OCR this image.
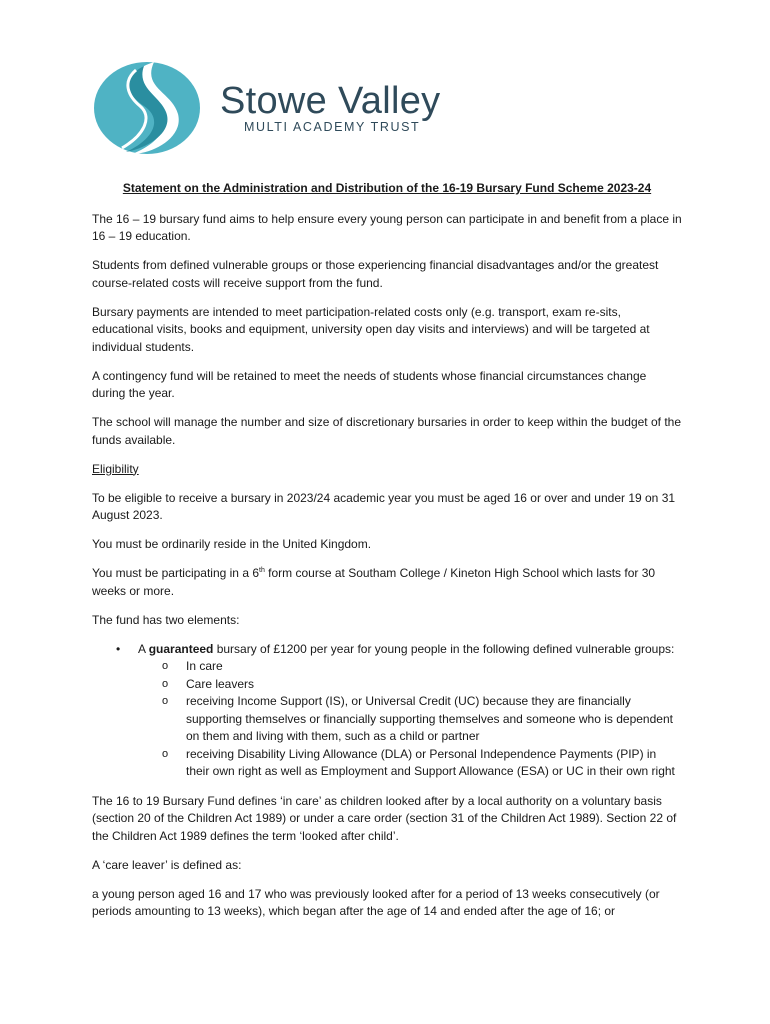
Stowe Valley
MULTI ACADEMY TRUST
Statement on the Administration and Distribution of the 16-19 Bursary Fund Scheme 2023-24

The 16 – 19 bursary fund aims to help ensure every young person can participate in and benefit from a place in 16 – 19 education.

Students from defined vulnerable groups or those experiencing financial disadvantages and/or the greatest course-related costs will receive support from the fund.

Bursary payments are intended to meet participation-related costs only (e.g. transport, exam re-sits, educational visits, books and equipment, university open day visits and interviews) and will be targeted at individual students.

A contingency fund will be retained to meet the needs of students whose financial circumstances change during the year.

The school will manage the number and size of discretionary bursaries in order to keep within the budget of the funds available.

Eligibility

To be eligible to receive a bursary in 2023/24 academic year you must be aged 16 or over and under 19 on 31 August 2023.

You must be ordinarily reside in the United Kingdom.

You must be participating in a 6th form course at Southam College / Kineton High School which lasts for 30 weeks or more.

The fund has two elements:

• A guaranteed bursary of £1200 per year for young people in the following defined vulnerable groups:
o In care
o Care leavers
o receiving Income Support (IS), or Universal Credit (UC) because they are financially supporting themselves or financially supporting themselves and someone who is dependent on them and living with them, such as a child or partner
o receiving Disability Living Allowance (DLA) or Personal Independence Payments (PIP) in their own right as well as Employment and Support Allowance (ESA) or UC in their own right

The 16 to 19 Bursary Fund defines ‘in care’ as children looked after by a local authority on a voluntary basis (section 20 of the Children Act 1989) or under a care order (section 31 of the Children Act 1989). Section 22 of the Children Act 1989 defines the term ‘looked after child’.

A ‘care leaver’ is defined as:

a young person aged 16 and 17 who was previously looked after for a period of 13 weeks consecutively (or periods amounting to 13 weeks), which began after the age of 14 and ended after the age of 16; or
